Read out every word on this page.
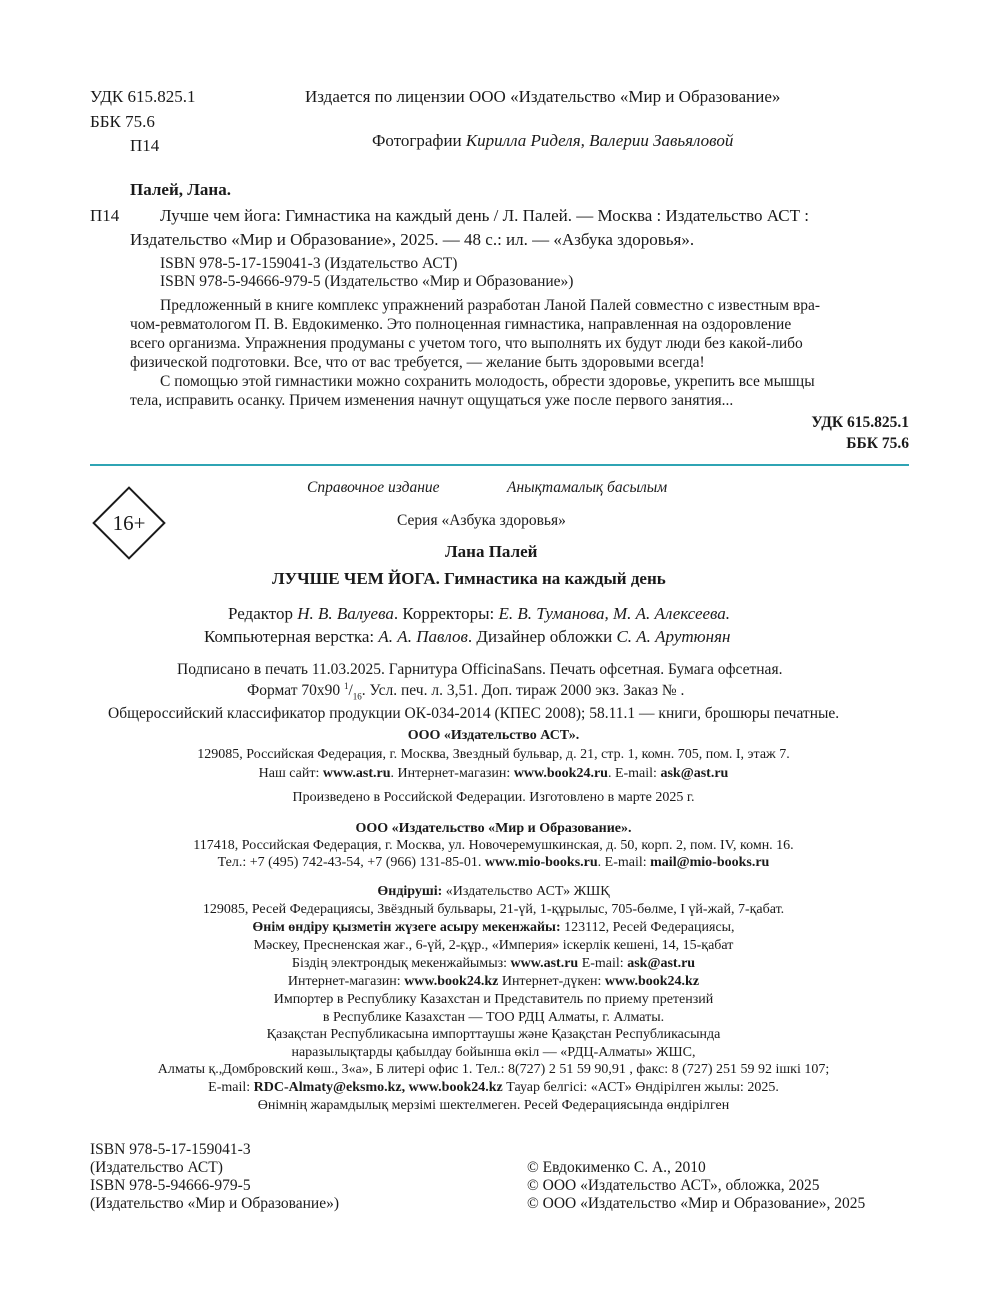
УДК 615.825.1
ББК 75.6
П14
Издается по лицензии ООО «Издательство «Мир и Образование»
Фотографии Кирилла Риделя, Валерии Завьяловой
Палей, Лана.
П14 Лучше чем йога: Гимнастика на каждый день / Л. Палей. — Москва : Издательство АСТ :
Издательство «Мир и Образование», 2025. — 48 с.: ил. — «Азбука здоровья».
ISBN 978-5-17-159041-3 (Издательство АСТ)
ISBN 978-5-94666-979-5 (Издательство «Мир и Образование»)
Предложенный в книге комплекс упражнений разработан Ланой Палей совместно с известным вра-
чом-ревматологом П. В. Евдокименко. Это полноценная гимнастика, направленная на оздоровление
всего организма. Упражнения продуманы с учетом того, что выполнять их будут люди без какой-либо
физической подготовки. Все, что от вас требуется, — желание быть здоровыми всегда!
С помощью этой гимнастики можно сохранить молодость, обрести здоровье, укрепить все мышцы
тела, исправить осанку. Причем изменения начнут ощущаться уже после первого занятия...
УДК 615.825.1
ББК 75.6
16+
Справочное издание	Анықтамалық басылым
Серия «Азбука здоровья»
Лана Палей
ЛУЧШЕ ЧЕМ ЙОГА. Гимнастика на каждый день
Редактор Н. В. Валуева. Корректоры: Е. В. Туманова, М. А. Алексеева.
Компьютерная верстка: А. А. Павлов. Дизайнер обложки С. А. Арутюнян
Подписано в печать 11.03.2025. Гарнитура OfficinaSans. Печать офсетная. Бумага офсетная.
Формат 70х90 $^1/_{16}$. Усл. печ. л. 3,51. Доп. тираж 2000 экз. Заказ № .
Общероссийский классификатор продукции ОК-034-2014 (КПЕС 2008); 58.11.1 — книги, брошюры печатные.
ООО «Издательство АСТ».
129085, Российская Федерация, г. Москва, Звездный бульвар, д. 21, стр. 1, комн. 705, пом. I, этаж 7.
Наш сайт: www.ast.ru. Интернет-магазин: www.book24.ru. E-mail: ask@ast.ru
Произведено в Российской Федерации. Изготовлено в марте 2025 г.
ООО «Издательство «Мир и Образование».
117418, Российская Федерация, г. Москва, ул. Новочеремушкинская, д. 50, корп. 2, пом. IV, комн. 16.
Тел.: +7 (495) 742-43-54, +7 (966) 131-85-01. www.mio-books.ru. E-mail: mail@mio-books.ru
Өндіруші: «Издательство АСТ» ЖШҚ
129085, Ресей Федерациясы, Звёздный бульвары, 21-үй, 1-құрылыс, 705-бөлме, I үй-жай, 7-қабат.
Өнім өндіру қызметін жүзеге асыру мекенжайы: 123112, Ресей Федерациясы,
Мәскеу, Пресненская жағ., 6-үй, 2-құр., «Империя» іскерлік кешені, 14, 15-қабат
Біздің электрондық мекенжайымыз: www.ast.ru E-mail: ask@ast.ru
Интернет-магазин: www.book24.kz Интернет-дүкен: www.book24.kz
Импортер в Республику Казахстан и Представитель по приему претензий
в Республике Казахстан — ТОО РДЦ Алматы, г. Алматы.
Қазақстан Республикасына импорттаушы және Қазақстан Республикасында
наразылықтарды қабылдау бойынша өкіл — «РДЦ-Алматы» ЖШС,
Алматы қ.,Домбровский көш., 3«а», Б литері офис 1. Тел.: 8(727) 2 51 59 90,91 , факс: 8 (727) 251 59 92 ішкі 107;
E-mail: RDC-Almaty@eksmo.kz, www.book24.kz Тауар белгісі: «АСТ» Өндірілген жылы: 2025.
Өнімнің жарамдылық мерзімі шектелмеген. Ресей Федерациясында өндірілген
ISBN 978-5-17-159041-3
(Издательство АСТ)
ISBN 978-5-94666-979-5
(Издательство «Мир и Образование»)
© Евдокименко С. А., 2010
© ООО «Издательство АСТ», обложка, 2025
© ООО «Издательство «Мир и Образование», 2025
